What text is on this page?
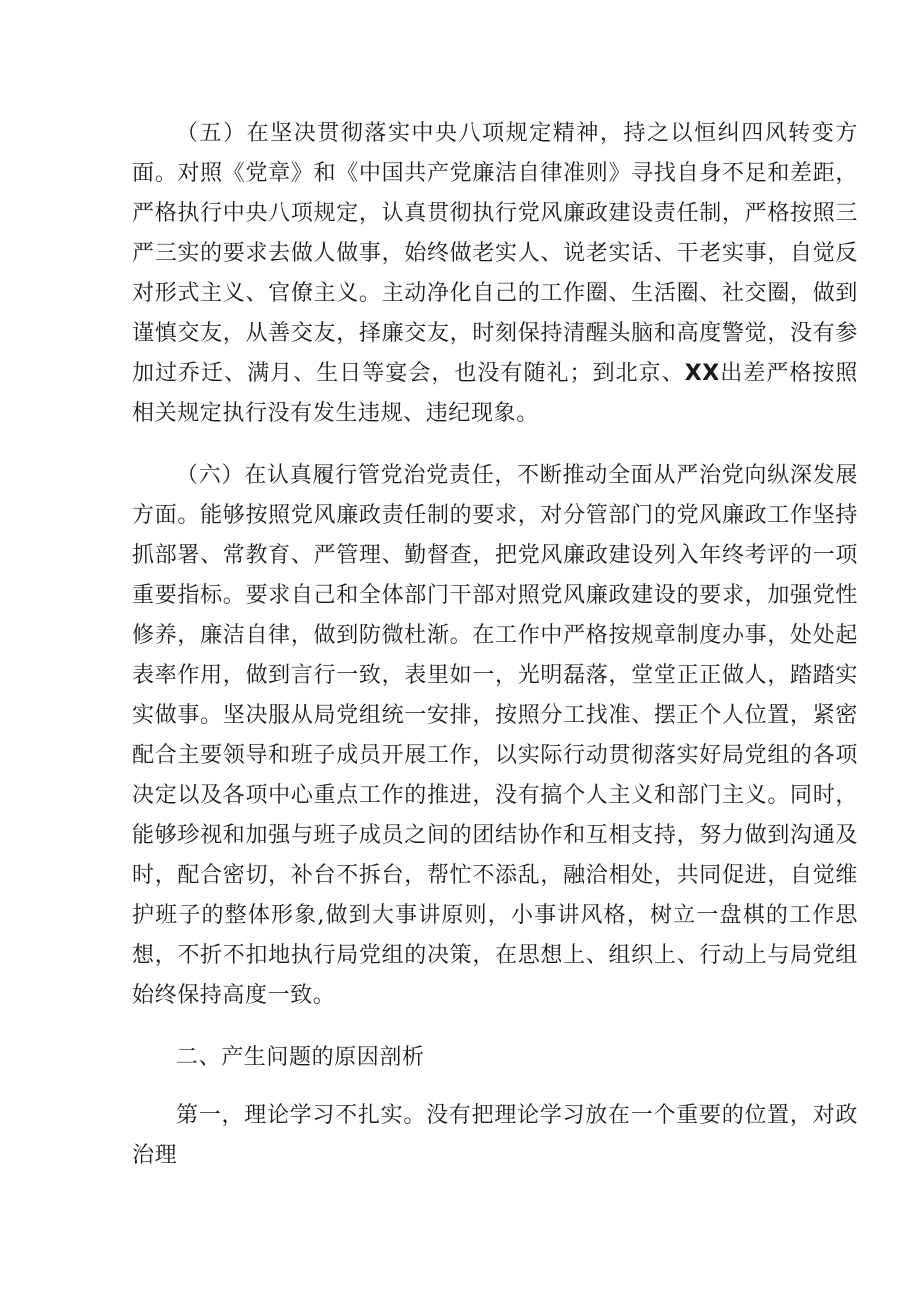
（五）在坚决贯彻落实中央八项规定精神，持之以恒纠四风转变方面。对照《党章》和《中国共产党廉洁自律准则》寻找自身不足和差距，严格执行中央八项规定，认真贯彻执行党风廉政建设责任制，严格按照三严三实的要求去做人做事，始终做老实人、说老实话、干老实事，自觉反对形式主义、官僚主义。主动净化自己的工作圈、生活圈、社交圈，做到谨慎交友，从善交友，择廉交友，时刻保持清醒头脑和高度警觉，没有参加过乔迁、满月、生日等宴会，也没有随礼；到北京、XX出差严格按照相关规定执行没有发生违规、违纪现象。

（六）在认真履行管党治党责任，不断推动全面从严治党向纵深发展方面。能够按照党风廉政责任制的要求，对分管部门的党风廉政工作坚持抓部署、常教育、严管理、勤督查，把党风廉政建设列入年终考评的一项重要指标。要求自己和全体部门干部对照党风廉政建设的要求，加强党性修养，廉洁自律，做到防微杜渐。在工作中严格按规章制度办事，处处起表率作用，做到言行一致，表里如一，光明磊落，堂堂正正做人，踏踏实实做事。坚决服从局党组统一安排，按照分工找准、摆正个人位置，紧密配合主要领导和班子成员开展工作，以实际行动贯彻落实好局党组的各项决定以及各项中心重点工作的推进，没有搞个人主义和部门主义。同时，能够珍视和加强与班子成员之间的团结协作和互相支持，努力做到沟通及时，配合密切，补台不拆台，帮忙不添乱，融洽相处，共同促进，自觉维护班子的整体形象,做到大事讲原则，小事讲风格，树立一盘棋的工作思想，不折不扣地执行局党组的决策，在思想上、组织上、行动上与局党组始终保持高度一致。

二、产生问题的原因剖析

第一，理论学习不扎实。没有把理论学习放在一个重要的位置，对政治理
